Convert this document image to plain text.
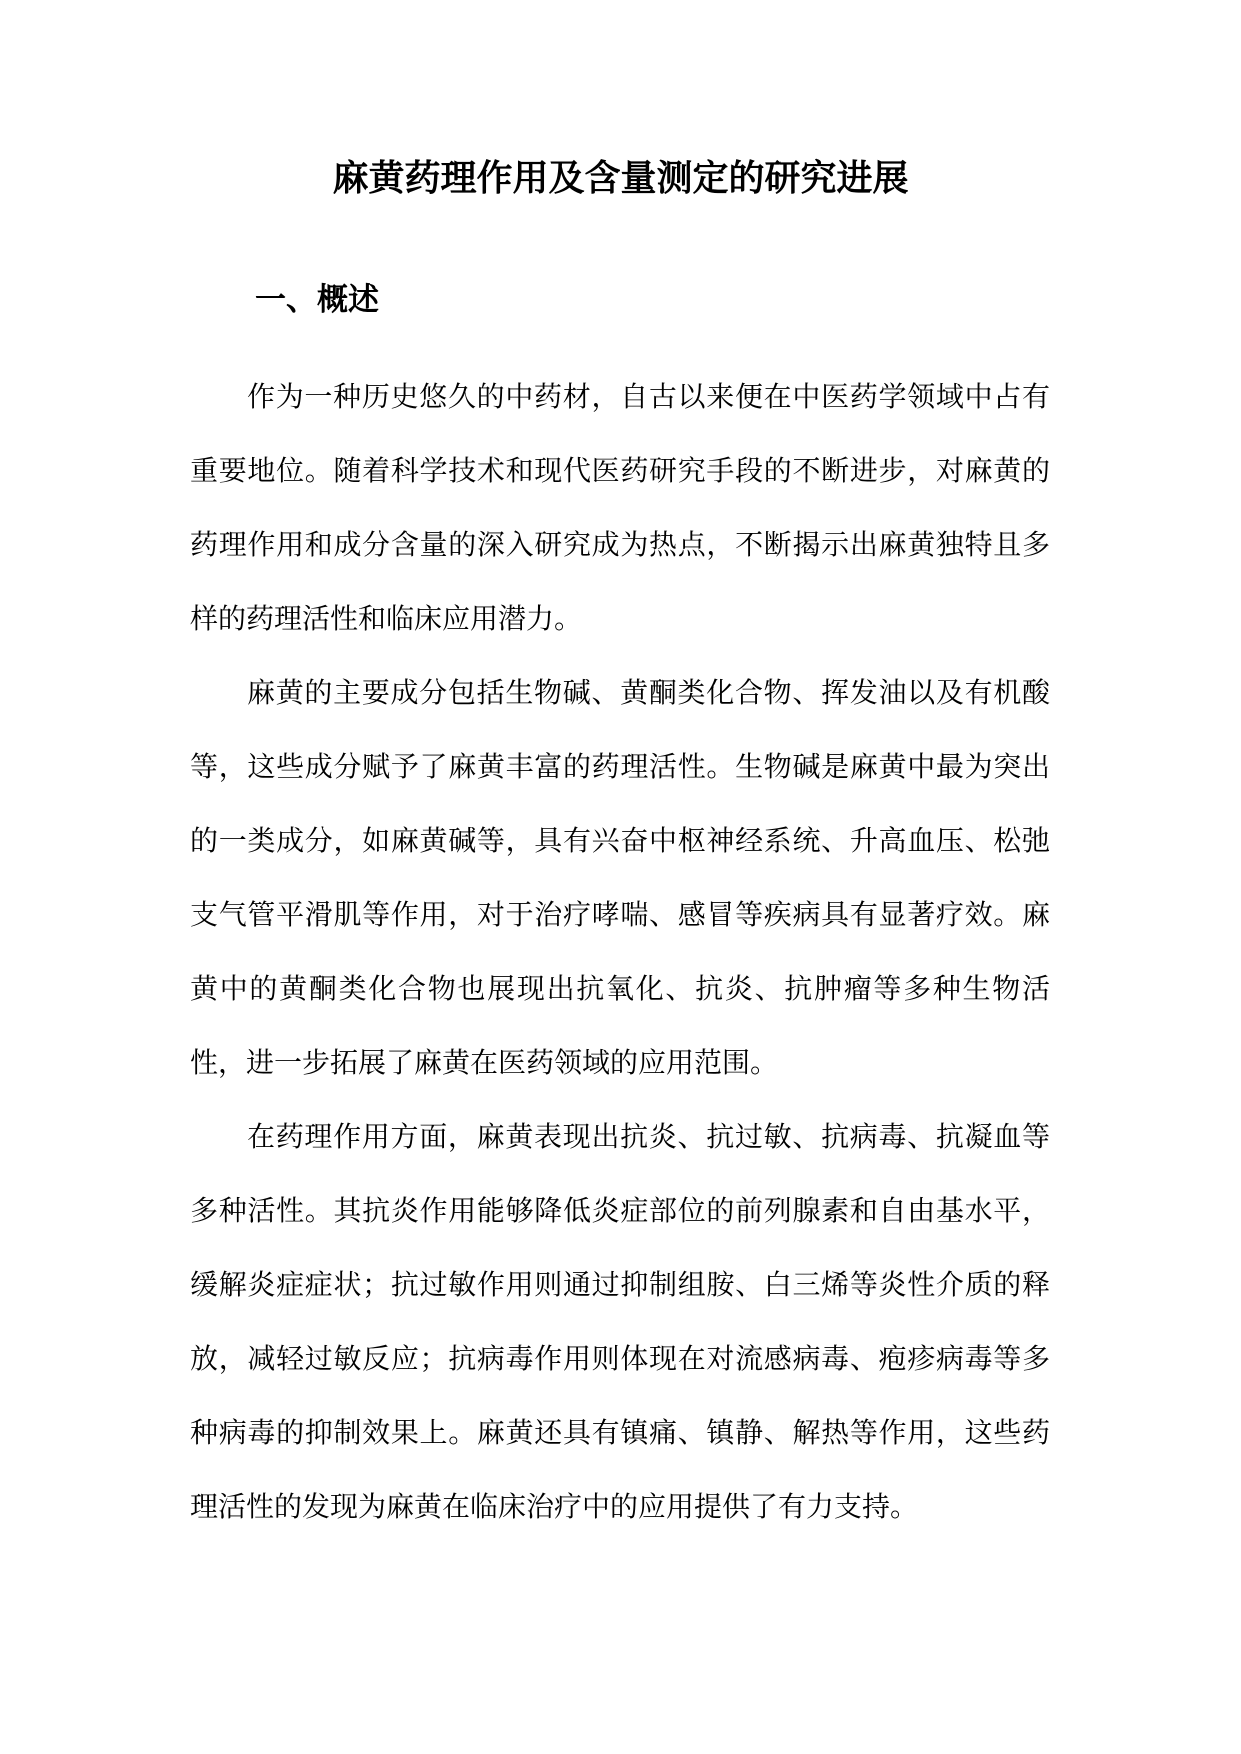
麻黄药理作用及含量测定的研究进展
一、概述

作为一种历史悠久的中药材，自古以来便在中医药学领域中占有重要地位。随着科学技术和现代医药研究手段的不断进步，对麻黄的药理作用和成分含量的深入研究成为热点，不断揭示出麻黄独特且多样的药理活性和临床应用潜力。

麻黄的主要成分包括生物碱、黄酮类化合物、挥发油以及有机酸等，这些成分赋予了麻黄丰富的药理活性。生物碱是麻黄中最为突出的一类成分，如麻黄碱等，具有兴奋中枢神经系统、升高血压、松弛支气管平滑肌等作用，对于治疗哮喘、感冒等疾病具有显著疗效。麻黄中的黄酮类化合物也展现出抗氧化、抗炎、抗肿瘤等多种生物活性，进一步拓展了麻黄在医药领域的应用范围。

在药理作用方面，麻黄表现出抗炎、抗过敏、抗病毒、抗凝血等多种活性。其抗炎作用能够降低炎症部位的前列腺素和自由基水平，缓解炎症症状；抗过敏作用则通过抑制组胺、白三烯等炎性介质的释放，减轻过敏反应；抗病毒作用则体现在对流感病毒、疱疹病毒等多种病毒的抑制效果上。麻黄还具有镇痛、镇静、解热等作用，这些药理活性的发现为麻黄在临床治疗中的应用提供了有力支持。
